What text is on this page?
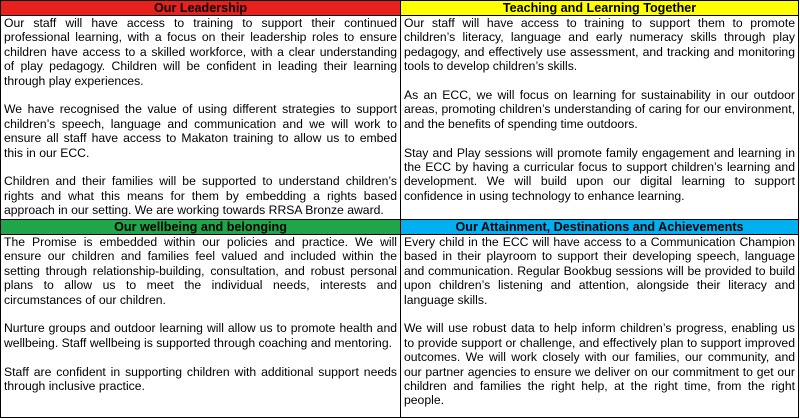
Our Leadership

Our staff will have access to training to support their continued professional learning, with a focus on their leadership roles to ensure children have access to a skilled workforce, with a clear understanding of play pedagogy. Children will be confident in leading their learning through play experiences.

We have recognised the value of using different strategies to support children’s speech, language and communication and we will work to ensure all staff have access to Makaton training to allow us to embed this in our ECC.

Children and their families will be supported to understand children’s rights and what this means for them by embedding a rights based approach in our setting. We are working towards RRSA Bronze award.

Teaching and Learning Together

Our staff will have access to training to support them to promote children’s literacy, language and early numeracy skills through play pedagogy, and effectively use assessment, and tracking and monitoring tools to develop children’s skills.

As an ECC, we will focus on learning for sustainability in our outdoor areas, promoting children’s understanding of caring for our environment, and the benefits of spending time outdoors.

Stay and Play sessions will promote family engagement and learning in the ECC by having a curricular focus to support children’s learning and development. We will build upon our digital learning to support confidence in using technology to enhance learning.

Our wellbeing and belonging

The Promise is embedded within our policies and practice. We will ensure our children and families feel valued and included within the setting through relationship-building, consultation, and robust personal plans to allow us to meet the individual needs, interests and circumstances of our children.

Nurture groups and outdoor learning will allow us to promote health and wellbeing. Staff wellbeing is supported through coaching and mentoring.

Staff are confident in supporting children with additional support needs through inclusive practice.

Our Attainment, Destinations and Achievements

Every child in the ECC will have access to a Communication Champion based in their playroom to support their developing speech, language and communication. Regular Bookbug sessions will be provided to build upon children’s listening and attention, alongside their literacy and language skills.

We will use robust data to help inform children’s progress, enabling us to provide support or challenge, and effectively plan to support improved outcomes. We will work closely with our families, our community, and our partner agencies to ensure we deliver on our commitment to get our children and families the right help, at the right time, from the right people.
